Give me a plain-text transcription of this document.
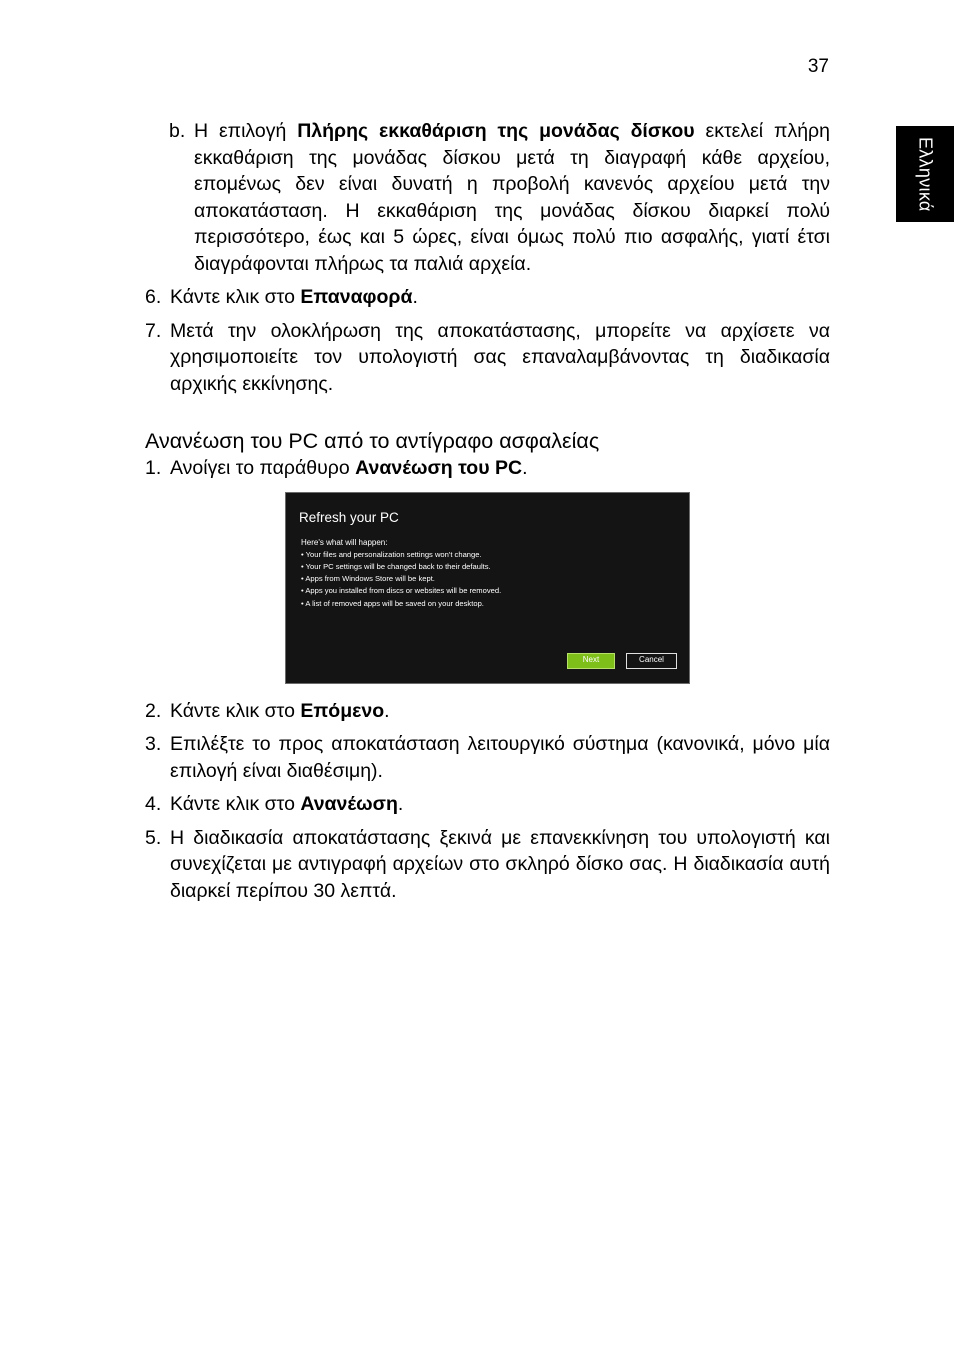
37
Ελληνικά
b. Η επιλογή Πλήρης εκκαθάριση της μονάδας δίσκου εκτελεί πλήρη εκκαθάριση της μονάδας δίσκου μετά τη διαγραφή κάθε αρχείου, επομένως δεν είναι δυνατή η προβολή κανενός αρχείου μετά την αποκατάσταση. Η εκκαθάριση της μονάδας δίσκου διαρκεί πολύ περισσότερο, έως και 5 ώρες, είναι όμως πολύ πιο ασφαλής, γιατί έτσι διαγράφονται πλήρως τα παλιά αρχεία.
6. Κάντε κλικ στο Επαναφορά.
7. Μετά την ολοκλήρωση της αποκατάστασης, μπορείτε να αρχίσετε να χρησιμοποιείτε τον υπολογιστή σας επαναλαμβάνοντας τη διαδικασία αρχικής εκκίνησης.
Ανανέωση του PC από το αντίγραφο ασφαλείας
1. Ανοίγει το παράθυρο Ανανέωση του PC.
Refresh your PC
Here's what will happen:
• Your files and personalization settings won't change.
• Your PC settings will be changed back to their defaults.
• Apps from Windows Store will be kept.
• Apps you installed from discs or websites will be removed.
• A list of removed apps will be saved on your desktop.
Next	Cancel
2. Κάντε κλικ στο Επόμενο.
3. Επιλέξτε το προς αποκατάσταση λειτουργικό σύστημα (κανονικά, μόνο μία επιλογή είναι διαθέσιμη).
4. Κάντε κλικ στο Ανανέωση.
5. Η διαδικασία αποκατάστασης ξεκινά με επανεκκίνηση του υπολογιστή και συνεχίζεται με αντιγραφή αρχείων στο σκληρό δίσκο σας. Η διαδικασία αυτή διαρκεί περίπου 30 λεπτά.
